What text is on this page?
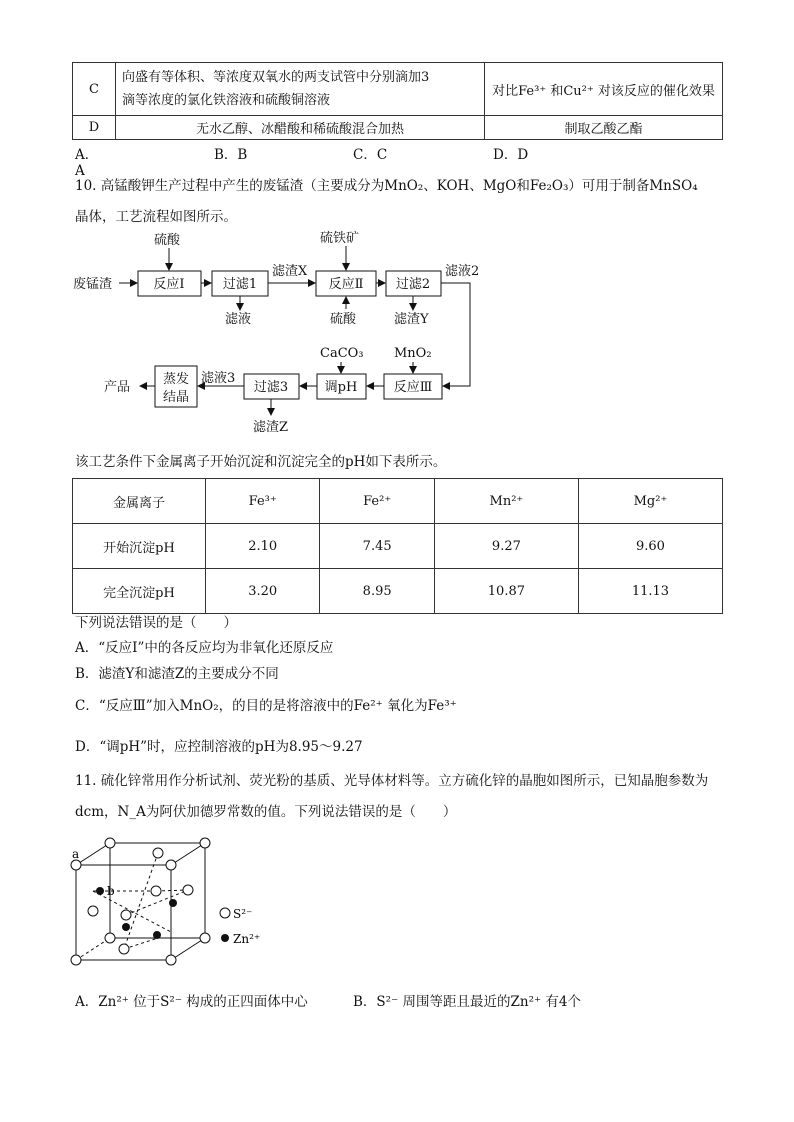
C	向盛有等体积、等浓度双氧水的两支试管中分别滴加3
滴等浓度的氯化铁溶液和硫酸铜溶液	对比Fe³⁺ 和Cu²⁺ 对该反应的催化效果
D	无水乙醇、冰醋酸和稀硫酸混合加热	制取乙酸乙酯
A．A
B．B	C．C	D．D
10. 高锰酸钾生产过程中产生的废锰渣（主要成分为MnO₂、KOH、MgO和Fe₂O₃）可用于制备MnSO₄
晶体，工艺流程如图所示。
反应Ⅰ	过滤1	反应Ⅱ 过滤2
反应Ⅲ
调pH
过滤3
蒸发
结晶
废锰渣
硫酸
滤液
滤渣X
硫铁矿
硫酸	滤渣Y
滤液2
MnO₂
CaCO₃
滤液3
滤渣Z
产品
该工艺条件下金属离子开始沉淀和沉淀完全的pH如下表所示。
金属离子	Fe³⁺	Fe²⁺	Mn²⁺	Mg²⁺
开始沉淀pH	2.10	7.45	9.27	9.60
完全沉淀pH	3.20	8.95	10.87	11.13
下列说法错误的是（　　）
A．“反应Ⅰ”中的各反应均为非氧化还原反应
B．滤渣Y和滤渣Z的主要成分不同
C．“反应Ⅲ”加入MnO₂，的目的是将溶液中的Fe²⁺ 氧化为Fe³⁺
D．“调pH”时，应控制溶液的pH为8.95～9.27
11. 硫化锌常用作分析试剂、荧光粉的基质、光导体材料等。立方硫化锌的晶胞如图所示，已知晶胞参数为
dcm，N_A为阿伏加德罗常数的值。下列说法错误的是（　　）
a
b
S²⁻
Zn²⁺
A．Zn²⁺ 位于S²⁻ 构成的正四面体中心	B．S²⁻ 周围等距且最近的Zn²⁺ 有4个
